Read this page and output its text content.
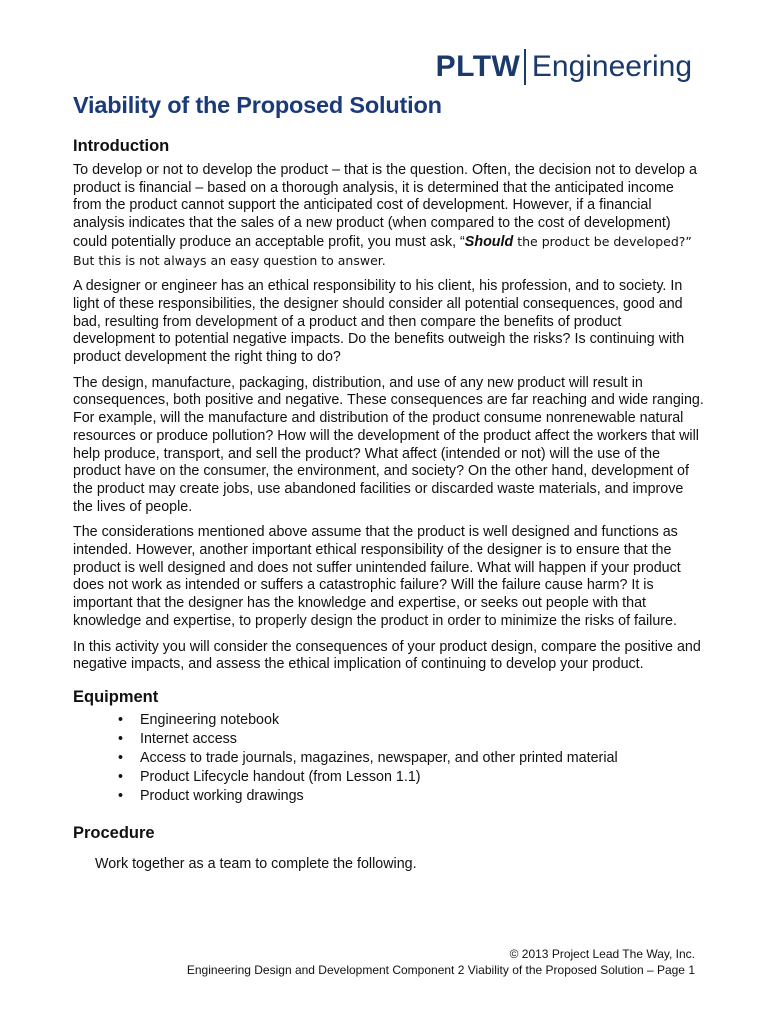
PLTW Engineering
Viability of the Proposed Solution
Introduction

To develop or not to develop the product – that is the question. Often, the decision not to develop a product is financial – based on a thorough analysis, it is determined that the anticipated income from the product cannot support the anticipated cost of development. However, if a financial analysis indicates that the sales of a new product (when compared to the cost of development) could potentially produce an acceptable profit, you must ask, “Should the product be developed?” But this is not always an easy question to answer.

A designer or engineer has an ethical responsibility to his client, his profession, and to society. In light of these responsibilities, the designer should consider all potential consequences, good and bad, resulting from development of a product and then compare the benefits of product development to potential negative impacts. Do the benefits outweigh the risks? Is continuing with product development the right thing to do?

The design, manufacture, packaging, distribution, and use of any new product will result in consequences, both positive and negative. These consequences are far reaching and wide ranging. For example, will the manufacture and distribution of the product consume nonrenewable natural resources or produce pollution? How will the development of the product affect the workers that will help produce, transport, and sell the product? What affect (intended or not) will the use of the product have on the consumer, the environment, and society? On the other hand, development of the product may create jobs, use abandoned facilities or discarded waste materials, and improve the lives of people.

The considerations mentioned above assume that the product is well designed and functions as intended. However, another important ethical responsibility of the designer is to ensure that the product is well designed and does not suffer unintended failure. What will happen if your product does not work as intended or suffers a catastrophic failure? Will the failure cause harm? It is important that the designer has the knowledge and expertise, or seeks out people with that knowledge and expertise, to properly design the product in order to minimize the risks of failure.

In this activity you will consider the consequences of your product design, compare the positive and negative impacts, and assess the ethical implication of continuing to develop your product.

Equipment
• Engineering notebook
• Internet access
• Access to trade journals, magazines, newspaper, and other printed material
• Product Lifecycle handout (from Lesson 1.1)
• Product working drawings
Procedure
Work together as a team to complete the following.
© 2013 Project Lead The Way, Inc.
Engineering Design and Development Component 2 Viability of the Proposed Solution – Page 1
